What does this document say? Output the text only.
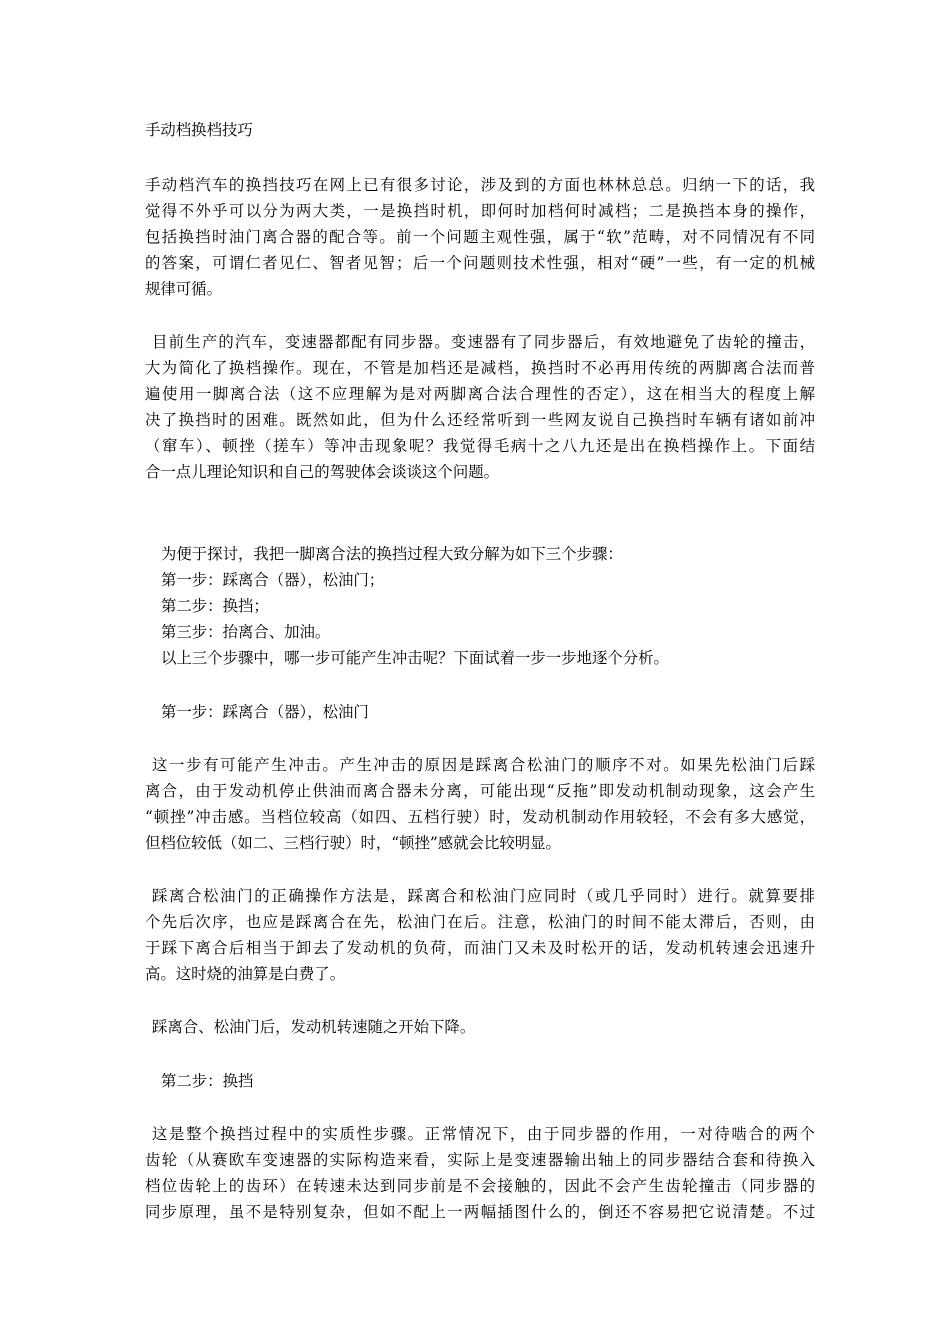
手动档换档技巧
手动档汽车的换挡技巧在网上已有很多讨论，涉及到的方面也林林总总。归纳一下的话，我
觉得不外乎可以分为两大类，一是换挡时机，即何时加档何时减档；二是换挡本身的操作，
包括换挡时油门离合器的配合等。前一个问题主观性强，属于“软”范畴，对不同情况有不同
的答案，可谓仁者见仁、智者见智；后一个问题则技术性强，相对“硬”一些，有一定的机械
规律可循。
目前生产的汽车，变速器都配有同步器。变速器有了同步器后，有效地避免了齿轮的撞击，
大为简化了换档操作。现在，不管是加档还是减档，换挡时不必再用传统的两脚离合法而普
遍使用一脚离合法（这不应理解为是对两脚离合法合理性的否定），这在相当大的程度上解
决了换挡时的困难。既然如此，但为什么还经常听到一些网友说自己换挡时车辆有诸如前冲
（窜车）、顿挫（搓车）等冲击现象呢？我觉得毛病十之八九还是出在换档操作上。下面结
合一点儿理论知识和自己的驾驶体会谈谈这个问题。
为便于探讨，我把一脚离合法的换挡过程大致分解为如下三个步骤：
第一步：踩离合（器），松油门；
第二步：换挡；
第三步：抬离合、加油。
以上三个步骤中，哪一步可能产生冲击呢？下面试着一步一步地逐个分析。
第一步：踩离合（器），松油门
这一步有可能产生冲击。产生冲击的原因是踩离合松油门的顺序不对。如果先松油门后踩
离合，由于发动机停止供油而离合器未分离，可能出现“反拖”即发动机制动现象，这会产生
“顿挫”冲击感。当档位较高（如四、五档行驶）时，发动机制动作用较轻，不会有多大感觉，
但档位较低（如二、三档行驶）时，“顿挫”感就会比较明显。
踩离合松油门的正确操作方法是，踩离合和松油门应同时（或几乎同时）进行。就算要排
个先后次序，也应是踩离合在先，松油门在后。注意，松油门的时间不能太滞后，否则，由
于踩下离合后相当于卸去了发动机的负荷，而油门又未及时松开的话，发动机转速会迅速升
高。这时烧的油算是白费了。
踩离合、松油门后，发动机转速随之开始下降。
第二步：换挡
这是整个换挡过程中的实质性步骤。正常情况下，由于同步器的作用，一对待啮合的两个
齿轮（从赛欧车变速器的实际构造来看，实际上是变速器输出轴上的同步器结合套和待换入
档位齿轮上的齿环）在转速未达到同步前是不会接触的，因此不会产生齿轮撞击（同步器的
同步原理，虽不是特别复杂，但如不配上一两幅插图什么的，倒还不容易把它说清楚。不过
